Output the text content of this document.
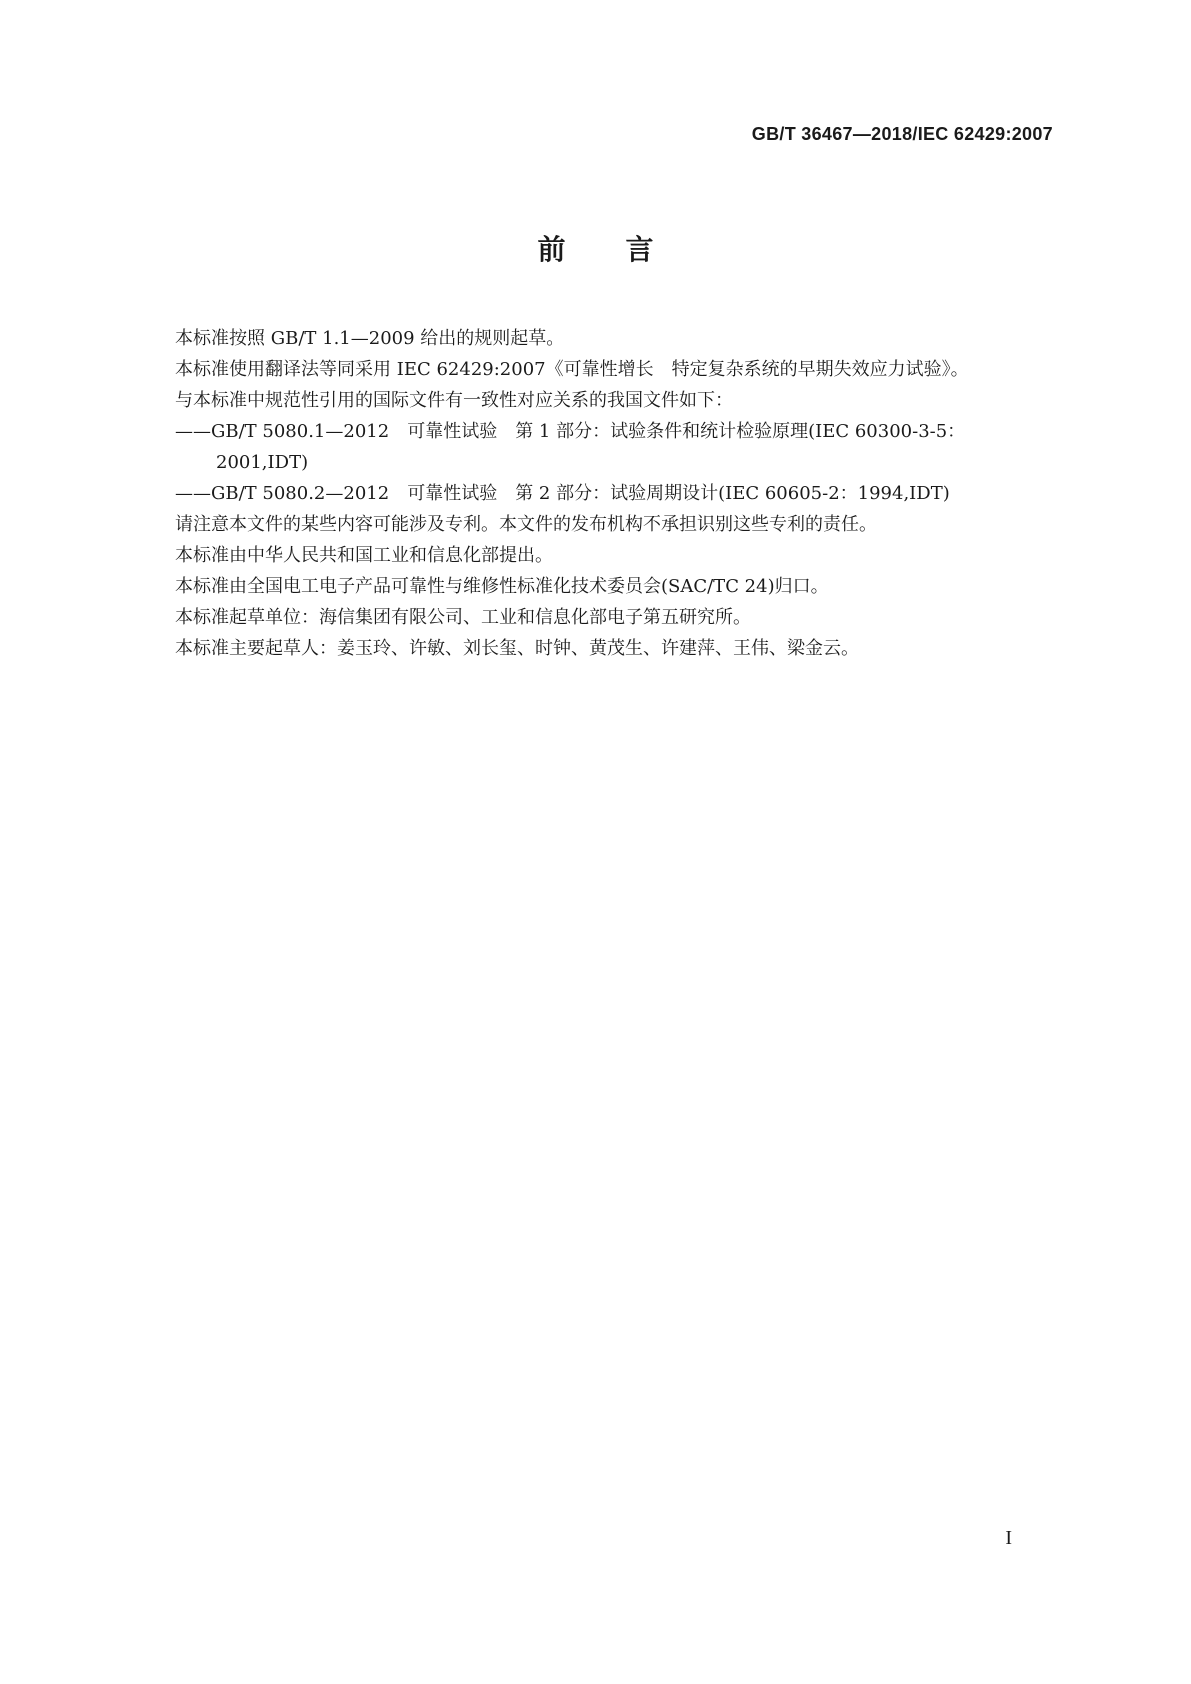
GB/T 36467—2018/IEC 62429:2007
前言

本标准按照 GB/T 1.1—2009 给出的规则起草。

本标准使用翻译法等同采用 IEC 62429:2007《可靠性增长　特定复杂系统的早期失效应力试验》。

与本标准中规范性引用的国际文件有一致性对应关系的我国文件如下：

——GB/T 5080.1—2012　可靠性试验　第 1 部分：试验条件和统计检验原理(IEC 60300-3-5：

2001,IDT)

——GB/T 5080.2—2012　可靠性试验　第 2 部分：试验周期设计(IEC 60605-2：1994,IDT)

请注意本文件的某些内容可能涉及专利。本文件的发布机构不承担识别这些专利的责任。

本标准由中华人民共和国工业和信息化部提出。

本标准由全国电工电子产品可靠性与维修性标准化技术委员会(SAC/TC 24)归口。

本标准起草单位：海信集团有限公司、工业和信息化部电子第五研究所。

本标准主要起草人：姜玉玲、许敏、刘长玺、时钟、黄茂生、许建萍、王伟、梁金云。

I
